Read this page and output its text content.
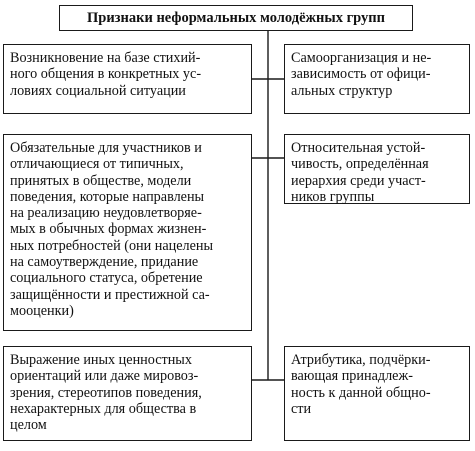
Признаки неформальных молодёжных групп
Возникновение на базе стихий-
ного общения в конкретных ус-
ловиях социальной ситуации
Самоорганизация и не-
зависимость от офици-
альных структур
Обязательные для участников и
отличающиеся от типичных,
принятых в обществе, модели
поведения, которые направлены
на реализацию неудовлетворяе-
мых в обычных формах жизнен-
ных потребностей (они нацелены
на самоутверждение, придание
социального статуса, обретение
защищённости и престижной са-
мооценки)
Относительная устой-
чивость, определённая
иерархия среди участ-
ников группы
Выражение иных ценностных
ориентаций или даже мировоз-
зрения, стереотипов поведения,
нехарактерных для общества в
целом
Атрибутика, подчёрки-
вающая принадлеж-
ность к данной общно-
сти
